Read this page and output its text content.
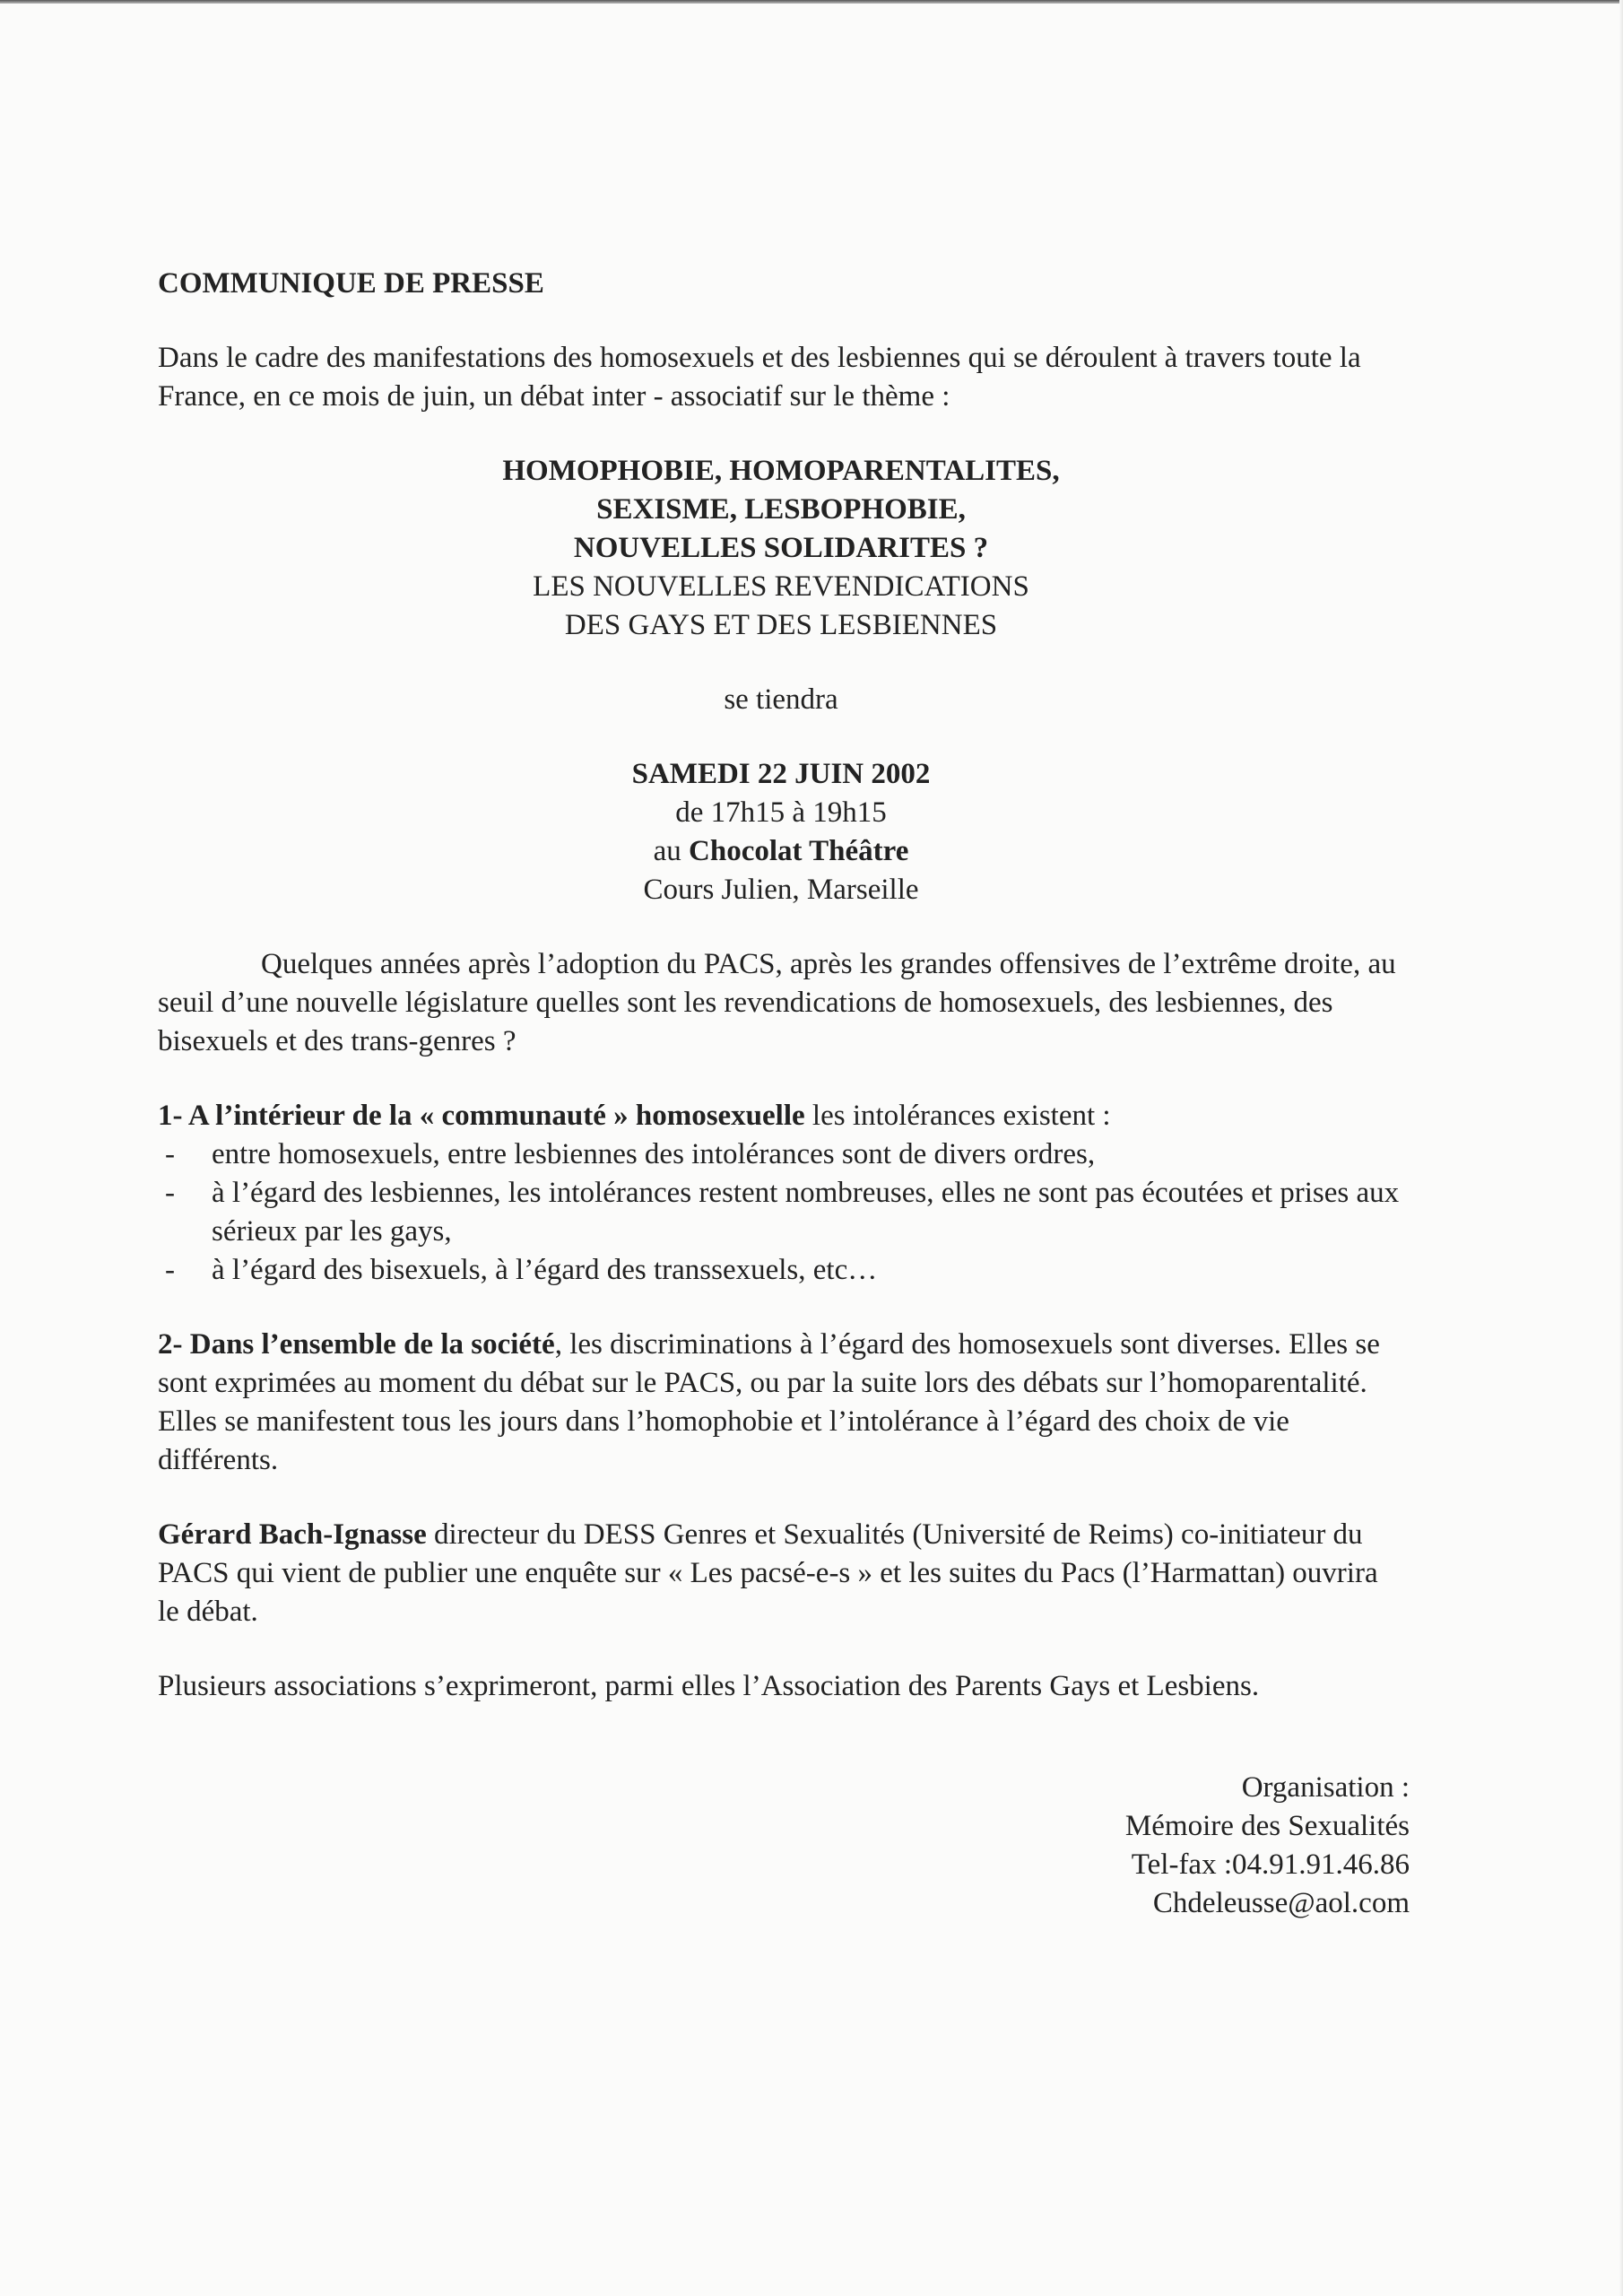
COMMUNIQUE DE PRESSE

Dans le cadre des manifestations des homosexuels et des lesbiennes qui se déroulent à travers toute la France, en ce mois de juin, un débat inter - associatif sur le thème :

HOMOPHOBIE, HOMOPARENTALITES,
SEXISME, LESBOPHOBIE,
NOUVELLES SOLIDARITES ?
LES NOUVELLES REVENDICATIONS
DES GAYS ET DES LESBIENNES
se tiendra
SAMEDI 22 JUIN 2002
de 17h15 à 19h15
au Chocolat Théâtre
Cours Julien, Marseille

Quelques années après l’adoption du PACS, après les grandes offensives de l’extrême droite, au seuil d’une nouvelle législature quelles sont les revendications de homosexuels, des lesbiennes, des bisexuels et des trans-genres ?

1- A l’intérieur de la « communauté » homosexuelle les intolérances existent :

- entre homosexuels, entre lesbiennes des intolérances sont de divers ordres,
- à l’égard des lesbiennes, les intolérances restent nombreuses, elles ne sont pas écoutées et prises aux sérieux par les gays,
- à l’égard des bisexuels, à l’égard des transsexuels, etc…

2- Dans l’ensemble de la société, les discriminations à l’égard des homosexuels sont diverses. Elles se sont exprimées au moment du débat sur le PACS, ou par la suite lors des débats sur l’homoparentalité. Elles se manifestent tous les jours dans l’homophobie et l’intolérance à l’égard des choix de vie différents.

Gérard Bach-Ignasse directeur du DESS Genres et Sexualités (Université de Reims) co-initiateur du PACS qui vient de publier une enquête sur « Les pacsé-e-s » et les suites du Pacs (l’Harmattan) ouvrira le débat.

Plusieurs associations s’exprimeront, parmi elles l’Association des Parents Gays et Lesbiens.

Organisation :
Mémoire des Sexualités
Tel-fax :04.91.91.46.86
Chdeleusse@aol.com
